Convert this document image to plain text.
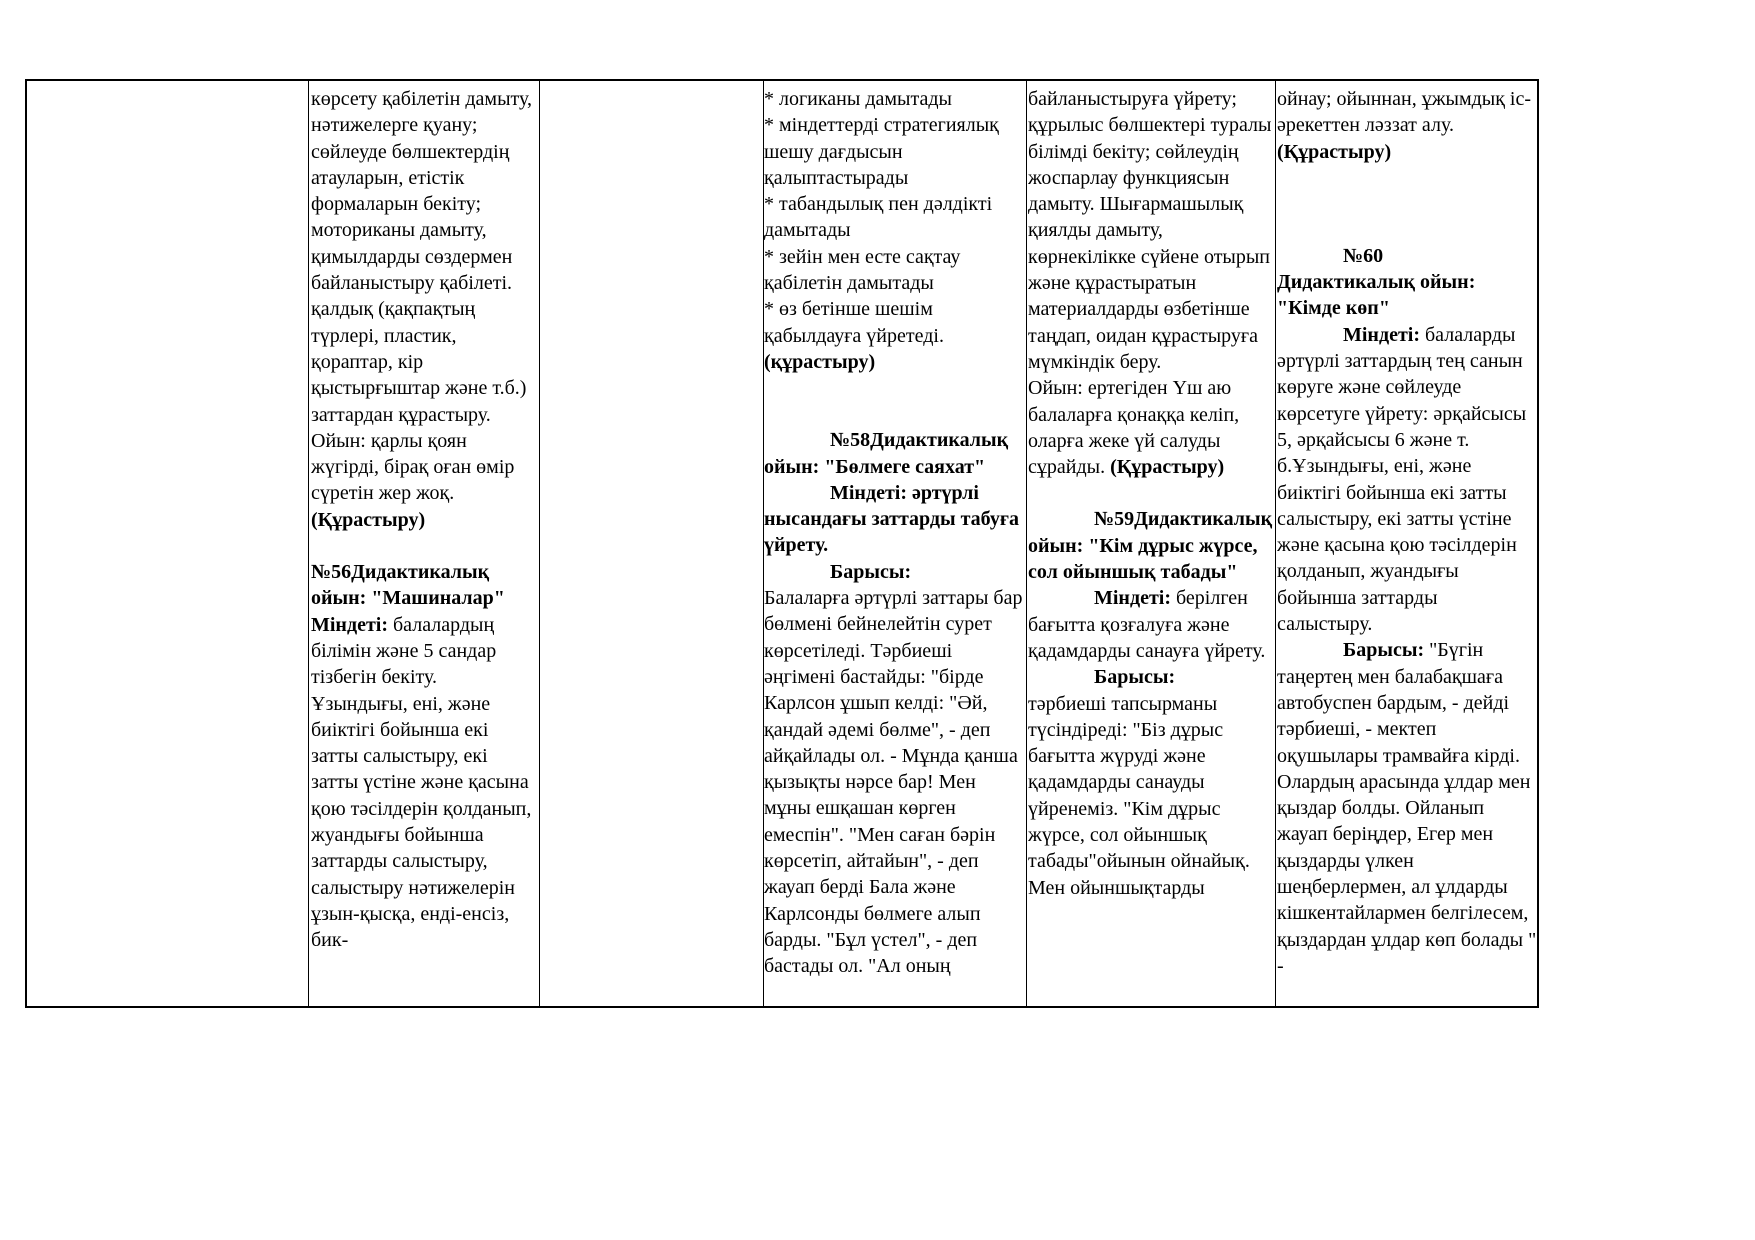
көрсету қабілетін дамыту, нәтижелерге қуану; сөйлеуде бөлшектердің атауларын, етістік формаларын бекіту; моториканы дамыту, қимылдарды сөздермен байланыстыру қабілеті.

қалдық (қақпақтың түрлері, пластик, қораптар, кір қыстырғыштар және т.б.) заттардан құрастыру.

Ойын: қарлы қоян жүгірді, бірақ оған өмір сүретін жер жоқ.

(Құрастыру)

№56Дидактикалық ойын: "Машиналар"

Міндеті: балалардың білімін және 5 сандар тізбегін бекіту. Ұзындығы, ені, және биіктігі бойынша екі затты салыстыру, екі затты үстіне және қасына қою тәсілдерін қолданып, жуандығы бойынша заттарды салыстыру, салыстыру нәтижелерін ұзын-қысқа, енді-енсіз, бик-

* логиканы дамытады

* міндеттерді стратегиялық шешу дағдысын қалыптастырады

* табандылық пен дәлдікті дамытады

* зейін мен есте сақтау қабілетін дамытады

* өз бетінше шешім қабылдауға үйретеді.

(құрастыру)

№58Дидактикалық ойын: "Бөлмеге саяхат"

Міндеті: әртүрлі нысандағы заттарды табуға үйрету.

Барысы:

Балаларға әртүрлі заттары бар бөлмені бейнелейтін сурет көрсетіледі. Тәрбиеші әңгімені бастайды: "бірде Карлсон ұшып келді: "Әй, қандай әдемі бөлме", - деп айқайлады ол. - Мұнда қанша қызықты нәрсе бар! Мен мұны ешқашан көрген емеспін". "Мен саған бәрін көрсетіп, айтайын", - деп жауап берді Бала және Карлсонды бөлмеге алып барды. "Бұл үстел", - деп бастады ол. "Ал оның

байланыстыруға үйрету; құрылыс бөлшектері туралы білімді бекіту; сөйлеудің жоспарлау функциясын дамыту. Шығармашылық қиялды дамыту, көрнекілікке сүйене отырып және құрастыратын материалдарды өзбетінше таңдап, оидан құрастыруға мүмкіндік беру.

Ойын: ертегіден Үш аю балаларға қонаққа келіп, оларға жеке үй салуды сұрайды. (Құрастыру)

№59Дидактикалық ойын: "Кім дұрыс жүрсе, сол ойыншық табады"

Міндеті: берілген бағытта қозғалуға және қадамдарды санауға үйрету.

Барысы:

тәрбиеші тапсырманы түсіндіреді: "Біз дұрыс бағытта жүруді және қадамдарды санауды үйренеміз. "Кім дұрыс жүрсе, сол ойыншық табады"ойынын ойнайық. Мен ойыншықтарды

ойнау; ойыннан, ұжымдық іс-әрекеттен ләззат алу.

(Құрастыру)

№60

Дидактикалық ойын: "Кімде көп"

Міндеті: балаларды әртүрлі заттардың тең санын көруге және сөйлеуде көрсетуге үйрету: әрқайсысы 5, әрқайсысы 6 және т. б.Ұзындығы, ені, және биіктігі бойынша екі затты салыстыру, екі затты үстіне және қасына қою тәсілдерін қолданып, жуандығы бойынша заттарды салыстыру.

Барысы: "Бүгін таңертең мен балабақшаға автобуспен бардым, - дейді тәрбиеші, - мектеп оқушылары трамвайға кірді. Олардың арасында ұлдар мен қыздар болды. Ойланып жауап беріңдер, Егер мен қыздарды үлкен шеңберлермен, ал ұлдарды кішкентайлармен белгілесем, қыздардан ұлдар көп болады " -
